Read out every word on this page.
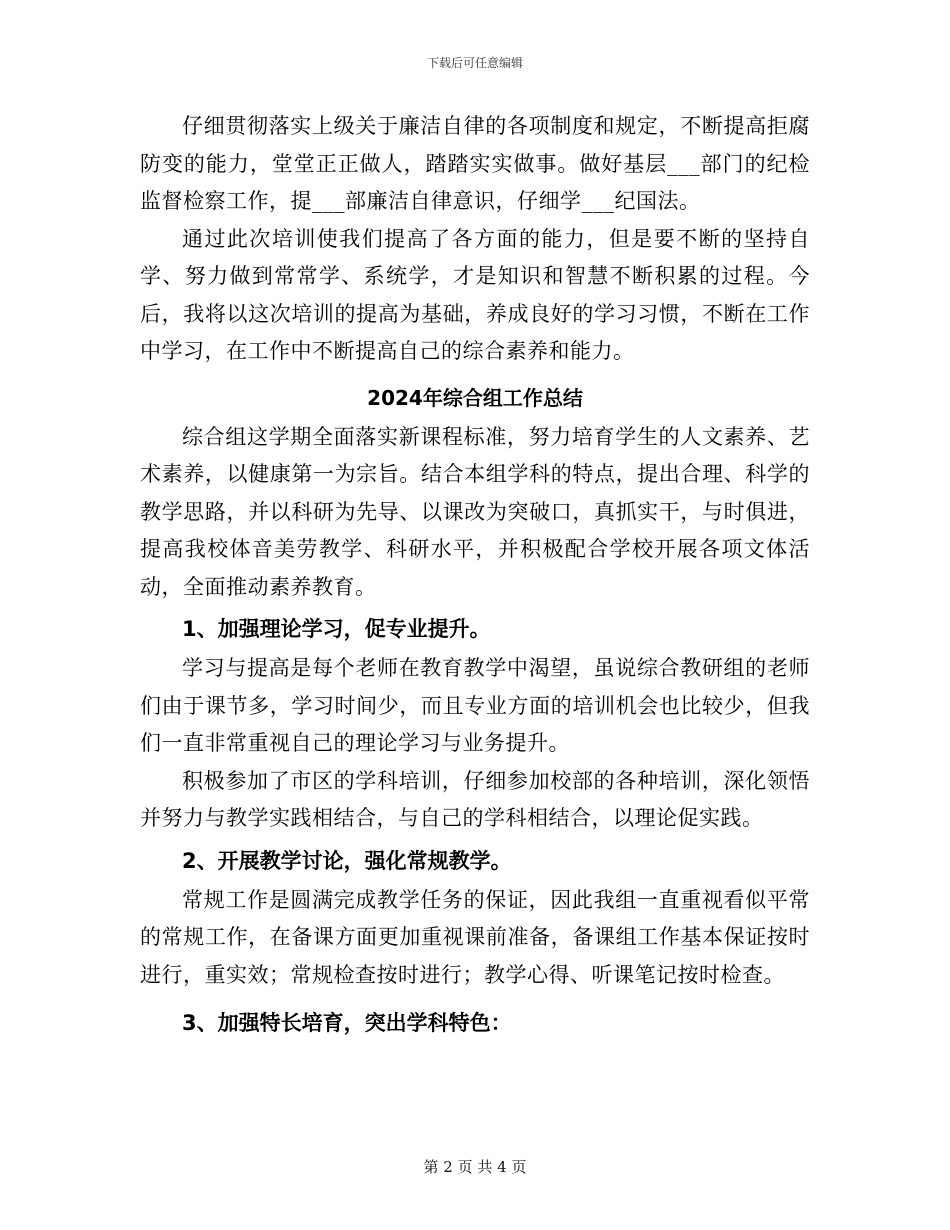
下载后可任意编辑

仔细贯彻落实上级关于廉洁自律的各项制度和规定，不断提高拒腐防变的能力，堂堂正正做人，踏踏实实做事。做好基层___部门的纪检监督检察工作，提___部廉洁自律意识，仔细学___纪国法。

通过此次培训使我们提高了各方面的能力，但是要不断的坚持自学、努力做到常常学、系统学，才是知识和智慧不断积累的过程。今后，我将以这次培训的提高为基础，养成良好的学习习惯，不断在工作中学习，在工作中不断提高自己的综合素养和能力。

2024年综合组工作总结

综合组这学期全面落实新课程标准，努力培育学生的人文素养、艺术素养，以健康第一为宗旨。结合本组学科的特点，提出合理、科学的教学思路，并以科研为先导、以课改为突破口，真抓实干，与时俱进，提高我校体音美劳教学、科研水平，并积极配合学校开展各项文体活动，全面推动素养教育。

1、加强理论学习，促专业提升。

学习与提高是每个老师在教育教学中渴望，虽说综合教研组的老师们由于课节多，学习时间少，而且专业方面的培训机会也比较少，但我们一直非常重视自己的理论学习与业务提升。

积极参加了市区的学科培训，仔细参加校部的各种培训，深化领悟并努力与教学实践相结合，与自己的学科相结合，以理论促实践。

2、开展教学讨论，强化常规教学。

常规工作是圆满完成教学任务的保证，因此我组一直重视看似平常的常规工作，在备课方面更加重视课前准备，备课组工作基本保证按时进行，重实效；常规检查按时进行；教学心得、听课笔记按时检查。

3、加强特长培育，突出学科特色：
第 2 页 共 4 页
